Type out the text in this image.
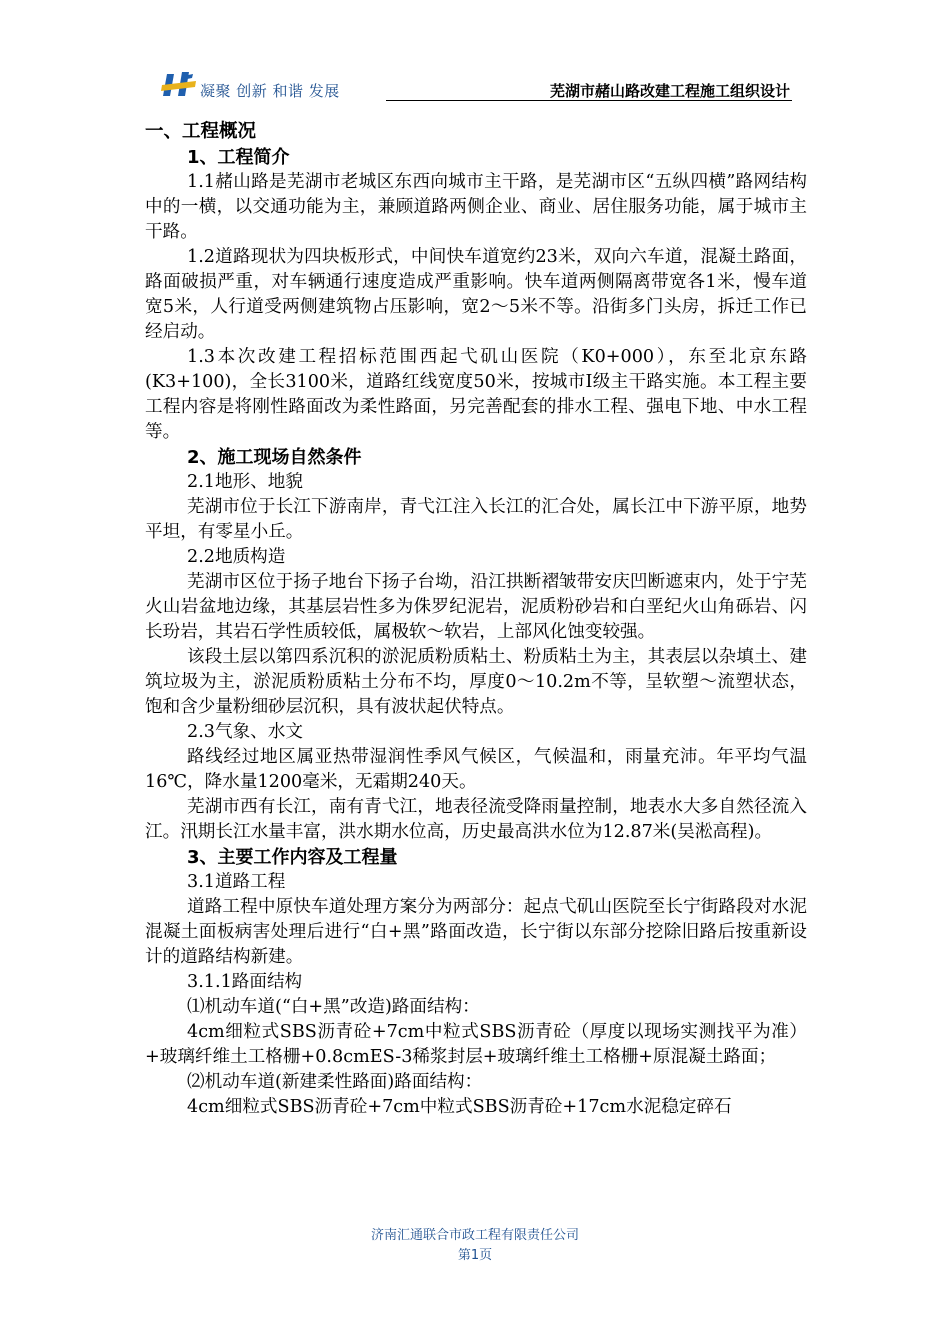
凝聚 创新 和谐 发展	芜湖市赭山路改建工程施工组织设计

一、工程概况

1、工程简介

1.1赭山路是芜湖市老城区东西向城市主干路，是芜湖市区“五纵四横”路网结构中的一横，以交通功能为主，兼顾道路两侧企业、商业、居住服务功能，属于城市主干路。

1.2道路现状为四块板形式，中间快车道宽约23米，双向六车道，混凝土路面，路面破损严重，对车辆通行速度造成严重影响。快车道两侧隔离带宽各1米，慢车道宽5米，人行道受两侧建筑物占压影响，宽2～5米不等。沿街多门头房，拆迁工作已经启动。

1.3本次改建工程招标范围西起弋矶山医院（K0+000），东至北京东路(K3+100)，全长3100米，道路红线宽度50米，按城市I级主干路实施。本工程主要工程内容是将刚性路面改为柔性路面，另完善配套的排水工程、强电下地、中水工程等。

2、施工现场自然条件

2.1地形、地貌

芜湖市位于长江下游南岸，青弋江注入长江的汇合处，属长江中下游平原，地势平坦，有零星小丘。

2.2地质构造

芜湖市区位于扬子地台下扬子台坳，沿江拱断褶皱带安庆凹断遮束内，处于宁芜火山岩盆地边缘，其基层岩性多为侏罗纪泥岩，泥质粉砂岩和白垩纪火山角砾岩、闪长玢岩，其岩石学性质较低，属极软～软岩，上部风化蚀变较强。

该段土层以第四系沉积的淤泥质粉质粘土、粉质粘土为主，其表层以杂填土、建筑垃圾为主，淤泥质粉质粘土分布不均，厚度0～10.2m不等，呈软塑～流塑状态，饱和含少量粉细砂层沉积，具有波状起伏特点。

2.3气象、水文

路线经过地区属亚热带湿润性季风气候区，气候温和，雨量充沛。年平均气温16℃，降水量1200毫米，无霜期240天。

芜湖市西有长江，南有青弋江，地表径流受降雨量控制，地表水大多自然径流入江。汛期长江水量丰富，洪水期水位高，历史最高洪水位为12.87米(吴淞高程)。

3、主要工作内容及工程量

3.1道路工程

道路工程中原快车道处理方案分为两部分：起点弋矶山医院至长宁街路段对水泥混凝土面板病害处理后进行“白+黑”路面改造，长宁街以东部分挖除旧路后按重新设计的道路结构新建。

3.1.1路面结构

⑴机动车道(“白+黑”改造)路面结构：

4cm细粒式SBS沥青砼+7cm中粒式SBS沥青砼（厚度以现场实测找平为准）+玻璃纤维土工格栅+0.8cmES-3稀浆封层+玻璃纤维土工格栅+原混凝土路面；

⑵机动车道(新建柔性路面)路面结构：

4cm细粒式SBS沥青砼+7cm中粒式SBS沥青砼+17cm水泥稳定碎石

济南汇通联合市政工程有限责任公司
第1页
